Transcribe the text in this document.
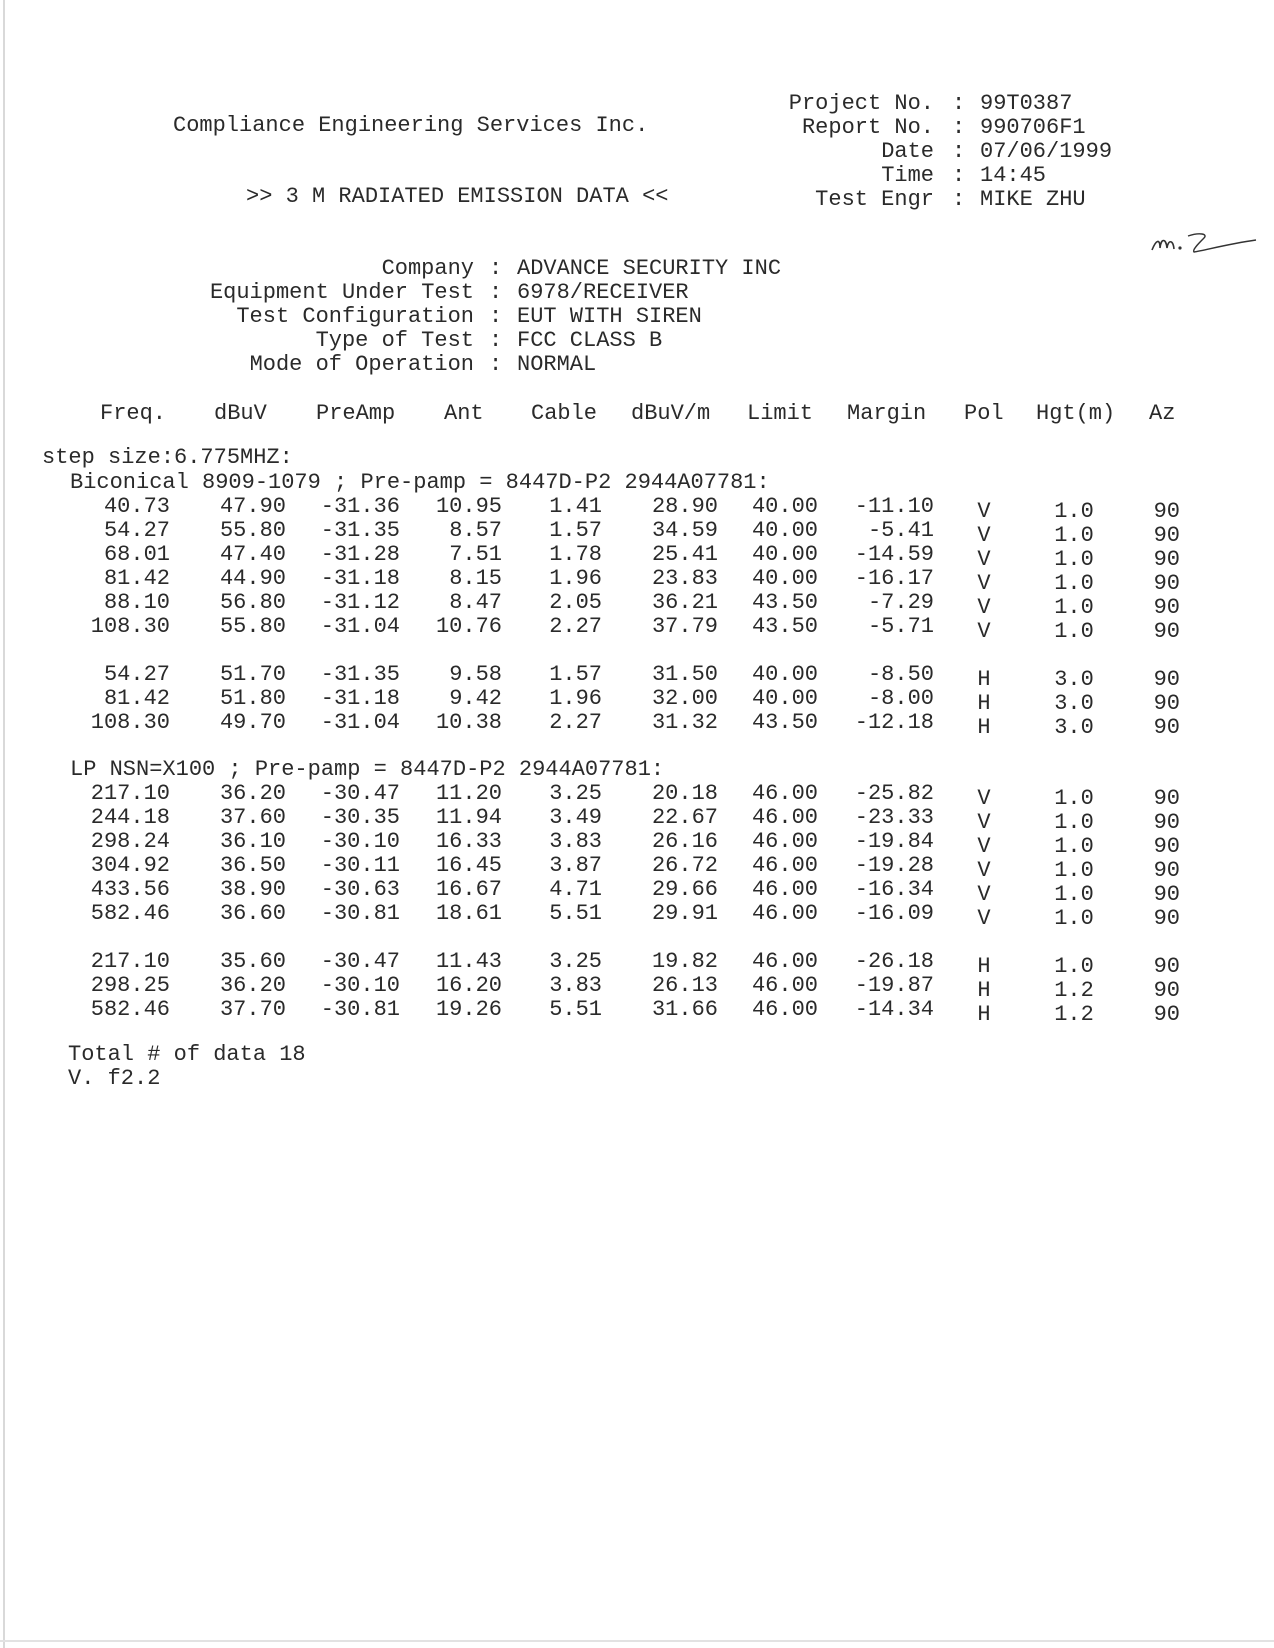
Compliance Engineering Services Inc.
>> 3 M RADIATED EMISSION DATA <<
Project No. : 99T0387
Report No. : 990706F1
Date : 07/06/1999
Time : 14:45
Test Engr : MIKE ZHU
Company : ADVANCE SECURITY INC
Equipment Under Test : 6978/RECEIVER
Test Configuration : EUT WITH SIREN
Type of Test : FCC CLASS B
Mode of Operation : NORMAL
Freq. dBuV PreAmp Ant Cable dBuV/m Limit Margin Pol Hgt(m) Az
step size:6.775MHZ:
Biconical 8909-1079 ; Pre-pamp = 8447D-P2 2944A07781:
40.73	47.90	-31.36	10.95	1.41	28.90	40.00	-11.10	V	1.0	90
54.27	55.80	-31.35	8.57	1.57	34.59	40.00	-5.41	V	1.0	90
68.01	47.40	-31.28	7.51	1.78	25.41	40.00	-14.59	V	1.0	90
81.42	44.90	-31.18	8.15	1.96	23.83	40.00	-16.17	V	1.0	90
88.10	56.80	-31.12	8.47	2.05	36.21	43.50	-7.29	V	1.0	90
108.30	55.80	-31.04	10.76	2.27	37.79	43.50	-5.71	V	1.0	90
54.27	51.70	-31.35	9.58	1.57	31.50	40.00	-8.50	H	3.0	90
81.42	51.80	-31.18	9.42	1.96	32.00	40.00	-8.00	H	3.0	90
108.30	49.70	-31.04	10.38	2.27	31.32	43.50	-12.18	H	3.0	90
LP NSN=X100 ; Pre-pamp = 8447D-P2 2944A07781:
217.10	36.20	-30.47	11.20	3.25	20.18	46.00	-25.82	V	1.0	90
244.18	37.60	-30.35	11.94	3.49	22.67	46.00	-23.33	V	1.0	90
298.24	36.10	-30.10	16.33	3.83	26.16	46.00	-19.84	V	1.0	90
304.92	36.50	-30.11	16.45	3.87	26.72	46.00	-19.28	V	1.0	90
433.56	38.90	-30.63	16.67	4.71	29.66	46.00	-16.34	V	1.0	90
582.46	36.60	-30.81	18.61	5.51	29.91	46.00	-16.09	V	1.0	90
217.10	35.60	-30.47	11.43	3.25	19.82	46.00	-26.18	H	1.0	90
298.25	36.20	-30.10	16.20	3.83	26.13	46.00	-19.87	H	1.2	90
582.46	37.70	-30.81	19.26	5.51	31.66	46.00	-14.34	H	1.2	90
Total # of data 18
V. f2.2
